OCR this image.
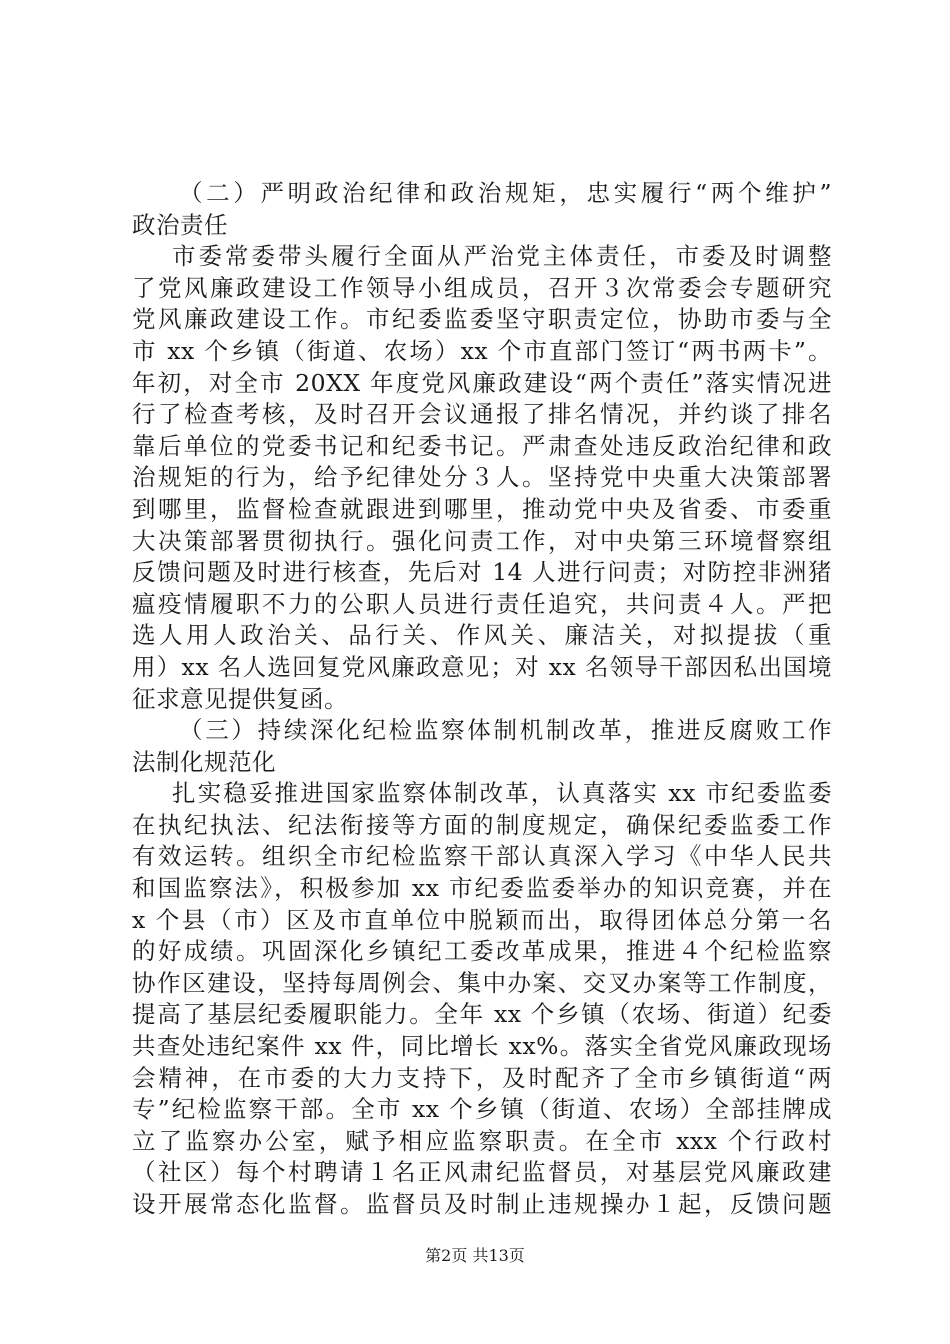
（二）严明政治纪律和政治规矩，忠实履行“两个维护”
政治责任
市委常委带头履行全面从严治党主体责任，市委及时调整
了党风廉政建设工作领导小组成员，召开３次常委会专题研究
党风廉政建设工作。市纪委监委坚守职责定位，协助市委与全
市 xx 个乡镇（街道、农场）xx 个市直部门签订“两书两卡”。
年初，对全市 20XX 年度党风廉政建设“两个责任”落实情况进
行了检查考核，及时召开会议通报了排名情况，并约谈了排名
靠后单位的党委书记和纪委书记。严肃查处违反政治纪律和政
治规矩的行为，给予纪律处分３人。坚持党中央重大决策部署
到哪里，监督检查就跟进到哪里，推动党中央及省委、市委重
大决策部署贯彻执行。强化问责工作，对中央第三环境督察组
反馈问题及时进行核查，先后对 14 人进行问责；对防控非洲猪
瘟疫情履职不力的公职人员进行责任追究，共问责４人。严把
选人用人政治关、品行关、作风关、廉洁关，对拟提拔（重
用）xx 名人选回复党风廉政意见；对 xx 名领导干部因私出国境
征求意见提供复函。
（三）持续深化纪检监察体制机制改革，推进反腐败工作
法制化规范化
扎实稳妥推进国家监察体制改革，认真落实 xx 市纪委监委
在执纪执法、纪法衔接等方面的制度规定，确保纪委监委工作
有效运转。组织全市纪检监察干部认真深入学习《中华人民共
和国监察法》，积极参加 xx 市纪委监委举办的知识竞赛，并在
x 个县（市）区及市直单位中脱颖而出，取得团体总分第一名
的好成绩。巩固深化乡镇纪工委改革成果，推进４个纪检监察
协作区建设，坚持每周例会、集中办案、交叉办案等工作制度，
提高了基层纪委履职能力。全年 xx 个乡镇（农场、街道）纪委
共查处违纪案件 xx 件，同比增长 xx%。落实全省党风廉政现场
会精神，在市委的大力支持下，及时配齐了全市乡镇街道“两
专”纪检监察干部。全市 xx 个乡镇（街道、农场）全部挂牌成
立了监察办公室，赋予相应监察职责。在全市 xxx 个行政村
（社区）每个村聘请１名正风肃纪监督员，对基层党风廉政建
设开展常态化监督。监督员及时制止违规操办１起，反馈问题
第2页 共13页
